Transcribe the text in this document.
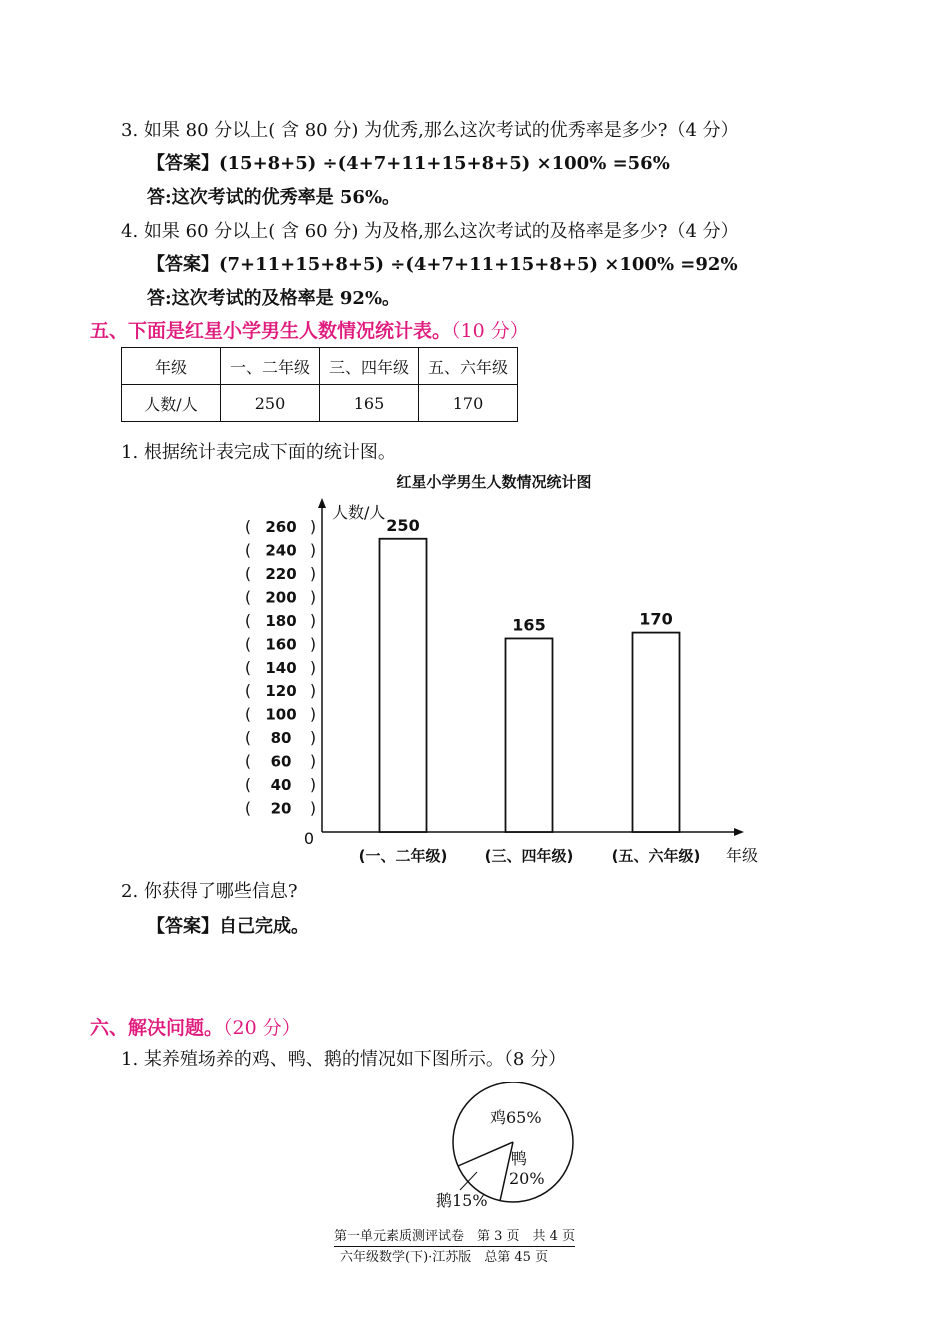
3. 如果 80 分以上( 含 80 分) 为优秀,那么这次考试的优秀率是多少?（4 分）
【答案】(15+8+5) ÷(4+7+11+15+8+5) ×100% =56%
答:这次考试的优秀率是 56%。
4. 如果 60 分以上( 含 60 分) 为及格,那么这次考试的及格率是多少?（4 分）
【答案】(7+11+15+8+5) ÷(4+7+11+15+8+5) ×100% =92%
答:这次考试的及格率是 92%。
五、下面是红星小学男生人数情况统计表。（10 分）
年级	一、二年级	三、四年级	五、六年级
人数/人	250	165	170
1. 根据统计表完成下面的统计图。
红星小学男生人数情况统计图
人数/人
年级
0
( 20 )
( 40 )
( 60 )
( 80 )
( 100 )
( 120 )
( 140 )
( 160 )
( 180 )
( 200 )
( 220 )
( 240 )
( 260 )	250
(一、二年级)
165
(三、四年级)
170
(五、六年级)
2. 你获得了哪些信息?
【答案】自己完成。
六、解决问题。（20 分）
1. 某养殖场养的鸡、鸭、鹅的情况如下图所示。（8 分）
鸡65%
鸭
20%
鹅15%
第一单元素质测评试卷　第 3 页　共 4 页
六年级数学(下)·江苏版　总第 45 页
